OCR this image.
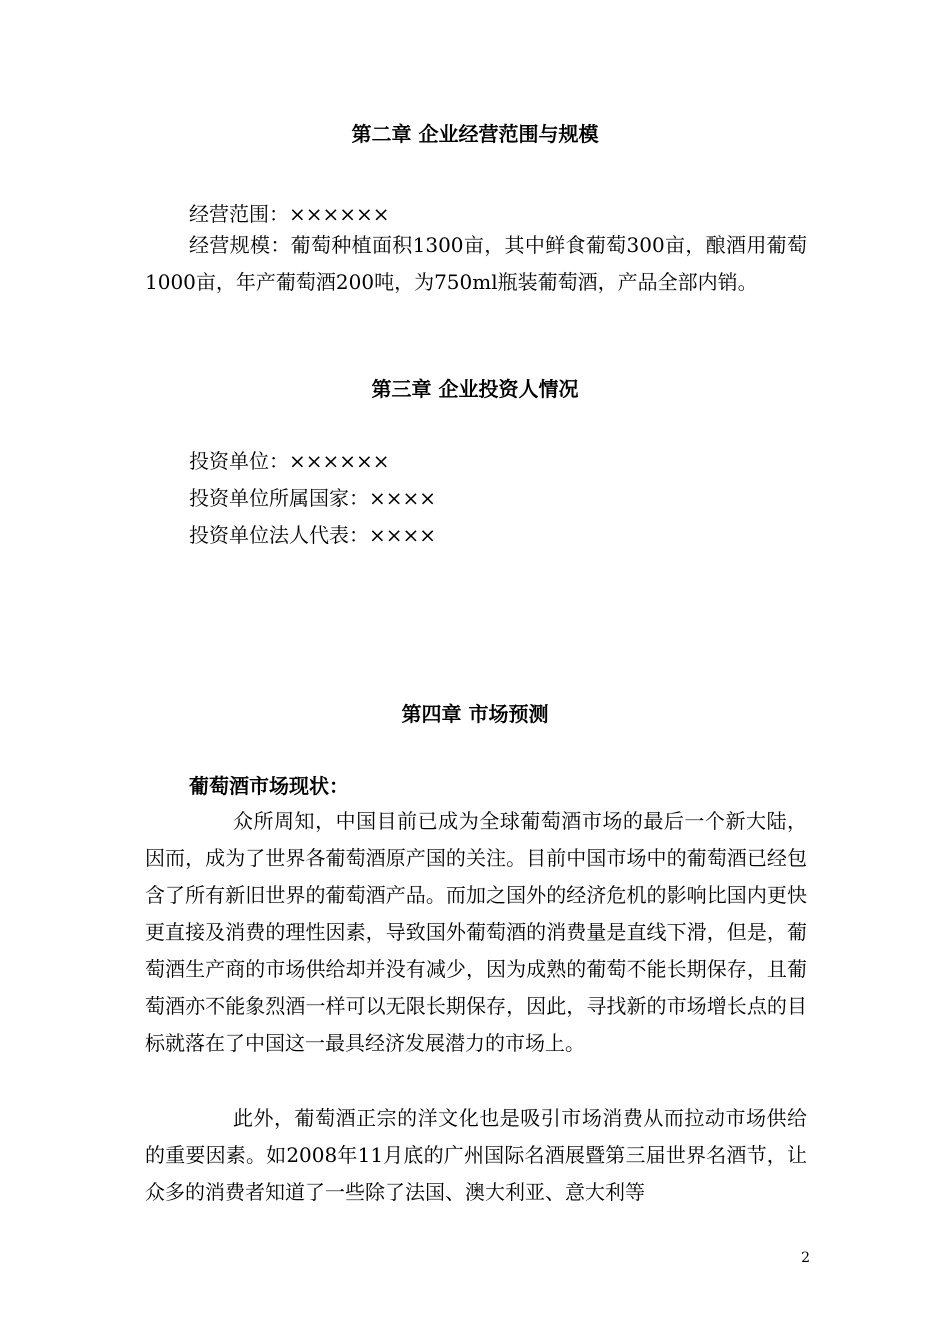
第二章 企业经营范围与规模

经营范围：××××××

经营规模：葡萄种植面积1300亩，其中鲜食葡萄300亩，酿酒用葡萄1000亩，年产葡萄酒200吨，为750ml瓶装葡萄酒，产品全部内销。

第三章 企业投资人情况

投资单位：××××××

投资单位所属国家：××××

投资单位法人代表：××××

第四章 市场预测

葡萄酒市场现状：

众所周知，中国目前已成为全球葡萄酒市场的最后一个新大陆，因而，成为了世界各葡萄酒原产国的关注。目前中国市场中的葡萄酒已经包含了所有新旧世界的葡萄酒产品。而加之国外的经济危机的影响比国内更快更直接及消费的理性因素，导致国外葡萄酒的消费量是直线下滑，但是，葡萄酒生产商的市场供给却并没有减少，因为成熟的葡萄不能长期保存，且葡萄酒亦不能象烈酒一样可以无限长期保存，因此，寻找新的市场增长点的目标就落在了中国这一最具经济发展潜力的市场上。

此外，葡萄酒正宗的洋文化也是吸引市场消费从而拉动市场供给的重要因素。如2008年11月底的广州国际名酒展暨第三届世界名酒节，让众多的消费者知道了一些除了法国、澳大利亚、意大利等

2
